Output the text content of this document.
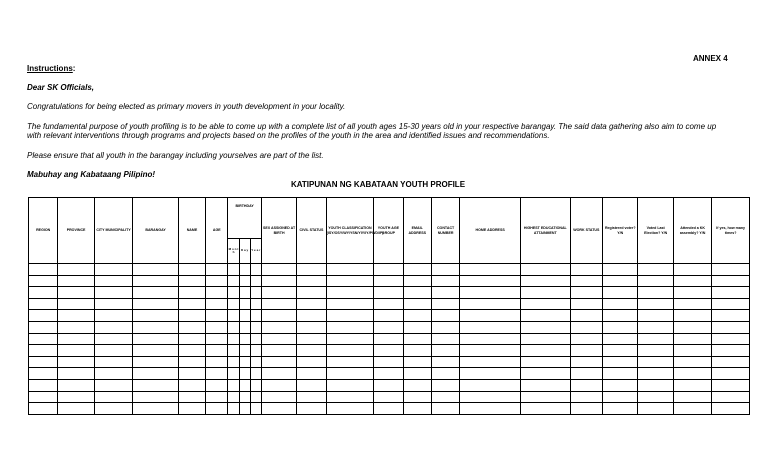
ANNEX 4
Instructions:
Dear SK Officials,
Congratulations for being elected as primary movers in youth development in your locality.
The fundamental purpose of youth profiling is to be able to come up with a complete list of all youth ages 15-30 years old in your respective barangay. The said data gathering also aim to come up with relevant interventions through programs and projects based on the profiles of the youth in the area and identified issues and recommendations.
Please ensure that all youth in the barangay including yourselves are part of the list.
Mabuhay ang Kabataang Pilipino!
KATIPUNAN NG KABATAAN YOUTH PROFILE
REGION	PROVINCE	CITY MUNICIPALITY	BARANGAY	NAME	AGE	BIRTHDAY			SEX ASSIGNED AT BIRTH	CIVIL STATUS	YOUTH CLASSIFICATION (ISY/OSY/WY/YSN/YIY/IY/PWD/IP)	YOUTH AGE GROUP	EMAIL ADDRESS	CONTACT NUMBER	HOME ADDRESS	HIGHEST EDUCATIONAL ATTAINMENT	WORK STATUS	Registered voter? Y/N	Voted Last Election? Y/N	Attended a KK assembly? Y/N	If yes, how many times?
						M o n t h	D a y	Y e a r													
